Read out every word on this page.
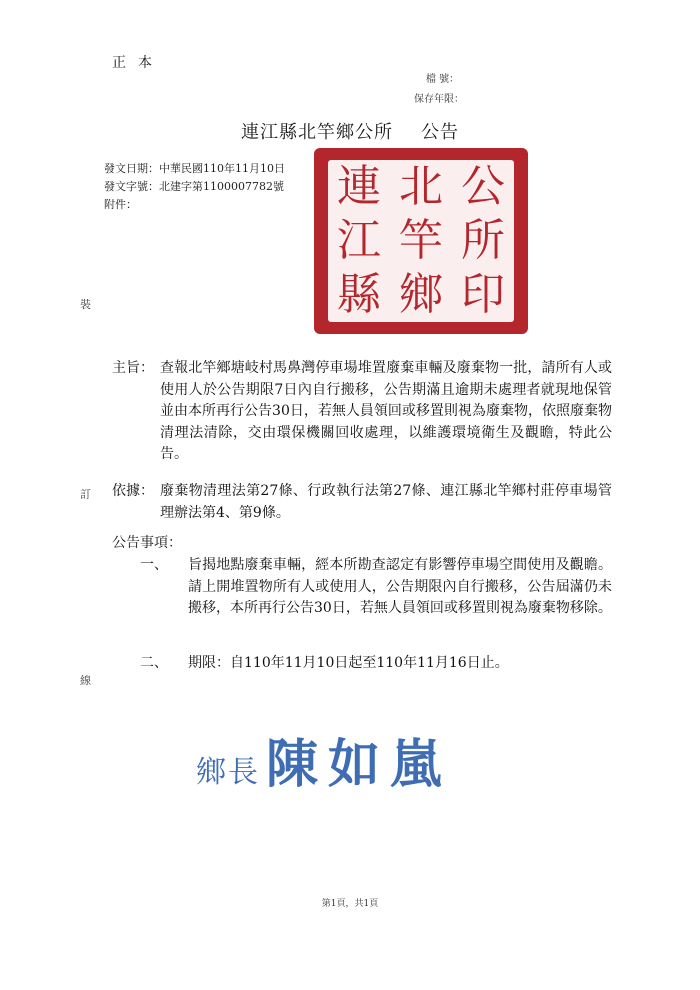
正本
檔 號：
保存年限：
連江縣北竿鄉公所 公告
發文日期：中華民國110年11月10日
發文字號：北建字第1100007782號
附件：
裝
訂
線
連
江
縣
北
竿
鄉
公
所
印
主旨： 查報北竿鄉塘岐村馬鼻灣停車場堆置廢棄車輛及廢棄物一批，請所有人或使用人於公告期限7日內自行搬移，公告期滿且逾期未處理者就現地保管並由本所再行公告30日，若無人員領回或移置則視為廢棄物，依照廢棄物清理法清除，交由環保機關回收處理，以維護環境衛生及觀瞻，特此公告。
依據： 廢棄物清理法第27條、行政執行法第27條、連江縣北竿鄉村莊停車場管理辦法第4、第9條。
公告事項：
一、	旨揭地點廢棄車輛，經本所勘查認定有影響停車場空間使用及觀瞻。請上開堆置物所有人或使用人，公告期限內自行搬移，公告屆滿仍未搬移，本所再行公告30日，若無人員領回或移置則視為廢棄物移除。
二、	期限：自110年11月10日起至110年11月16日止。
鄉長 陳如嵐
第1頁，共1頁
